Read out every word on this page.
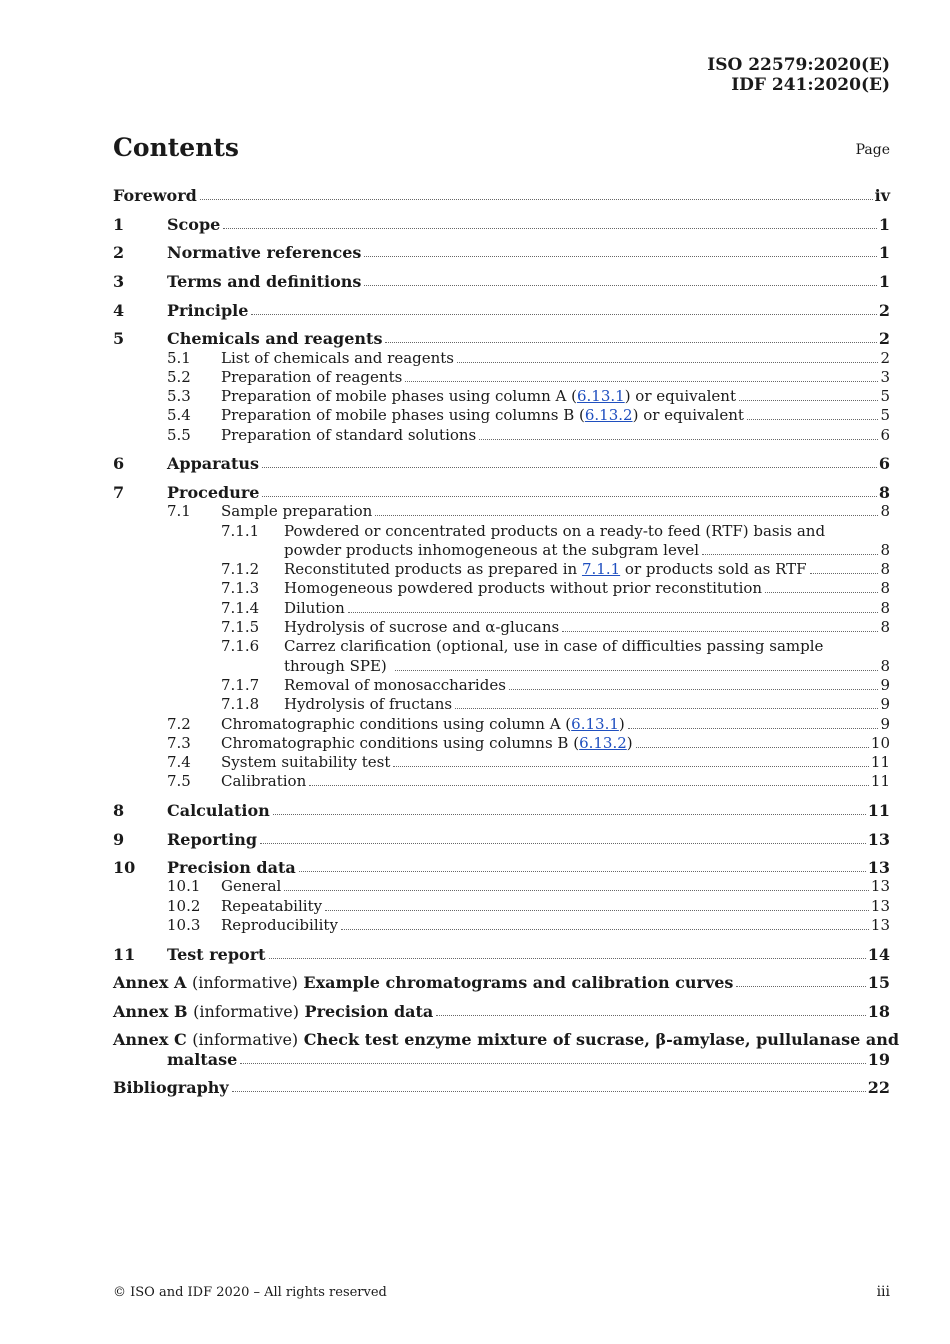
ISO 22579:2020(E)
IDF 241:2020(E)
Contents	Page
Foreword	iv
1	Scope	1
2	Normative references	1
3	Terms and definitions	1
4	Principle	2
5	Chemicals and reagents	2
5.1	List of chemicals and reagents	2
5.2	Preparation of reagents	3
5.3	Preparation of mobile phases using column A (6.13.1) or equivalent	5
5.4	Preparation of mobile phases using columns B (6.13.2) or equivalent	5
5.5	Preparation of standard solutions	6
6	Apparatus	6
7	Procedure	8
7.1	Sample preparation	8
7.1.1	Powdered or concentrated products on a ready-to feed (RTF) basis and
powder products inhomogeneous at the subgram level	8
7.1.2	Reconstituted products as prepared in 7.1.1 or products sold as RTF	8
7.1.3	Homogeneous powdered products without prior reconstitution	8
7.1.4	Dilution	8
7.1.5	Hydrolysis of sucrose and α-glucans	8
7.1.6	Carrez clarification (optional, use in case of difficulties passing sample
through SPE)	8
7.1.7	Removal of monosaccharides	9
7.1.8	Hydrolysis of fructans	9
7.2	Chromatographic conditions using column A (6.13.1)	9
7.3	Chromatographic conditions using columns B (6.13.2)	10
7.4	System suitability test	11
7.5	Calibration	11
8	Calculation	11
9	Reporting	13
10	Precision data	13
10.1	General	13
10.2	Repeatability	13
10.3	Reproducibility	13
11	Test report	14
Annex A (informative) Example chromatograms and calibration curves	15
Annex B (informative) Precision data	18
Annex C (informative) Check test enzyme mixture of sucrase, β-amylase, pullulanase and
maltase	19
Bibliography	22
© ISO and IDF 2020 – All rights reserved	iii
